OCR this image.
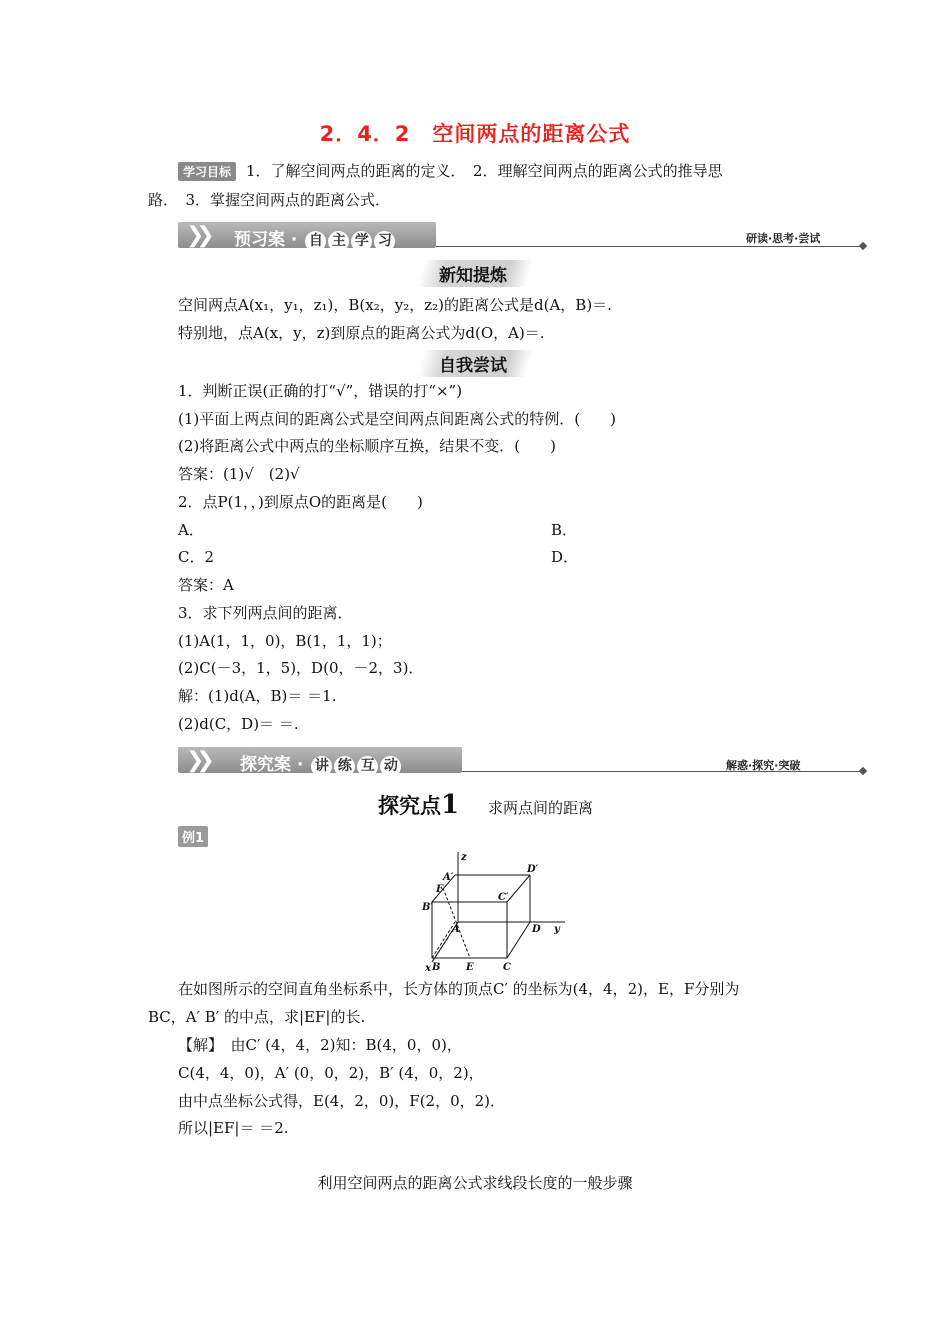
2．4．2　空间两点的距离公式
学习目标 1．了解空间两点的距离的定义．　2．理解空间两点的距离公式的推导思
路．　3．掌握空间两点的距离公式．
❯❯ 预习案 · 自 主 学 习	研读·思考·尝试
新知提炼
空间两点A(x₁，y₁，z₁)，B(x₂，y₂，z₂)的距离公式是d(A，B)＝.
特别地，点A(x，y，z)到原点的距离公式为d(O，A)＝.
自我尝试
1．判断正误(正确的打“√”，错误的打“×”)
(1)平面上两点间的距离公式是空间两点间距离公式的特例．(　　)
(2)将距离公式中两点的坐标顺序互换，结果不变．(　　)
答案：(1)√　(2)√
2．点P(1，，)到原点O的距离是(　　)
A．	B．
C．2	D．
答案：A
3．求下列两点间的距离．
(1)A(1，1，0)，B(1，1，1)；
(2)C(－3，1，5)，D(0，－2，3)．
解：(1)d(A，B)＝ ＝1.
(2)d(C，D)＝ ＝.
❯❯ 探究案 · 讲 练 互 动	解惑·探究·突破
探究点1 求两点间的距离
例1
z
D′
A′
F
C′
B′
A	D y
B	E	C
x
在如图所示的空间直角坐标系中，长方体的顶点C′ 的坐标为(4，4，2)，E，F分别为
BC，A′ B′ 的中点，求|EF|的长.
【解】　由C′ (4，4，2)知：B(4，0，0)，
C(4，4，0)，A′ (0，0，2)，B′ (4，0，2)，
由中点坐标公式得，E(4，2，0)，F(2，0，2)．
所以|EF|＝ ＝2.
利用空间两点的距离公式求线段长度的一般步骤
